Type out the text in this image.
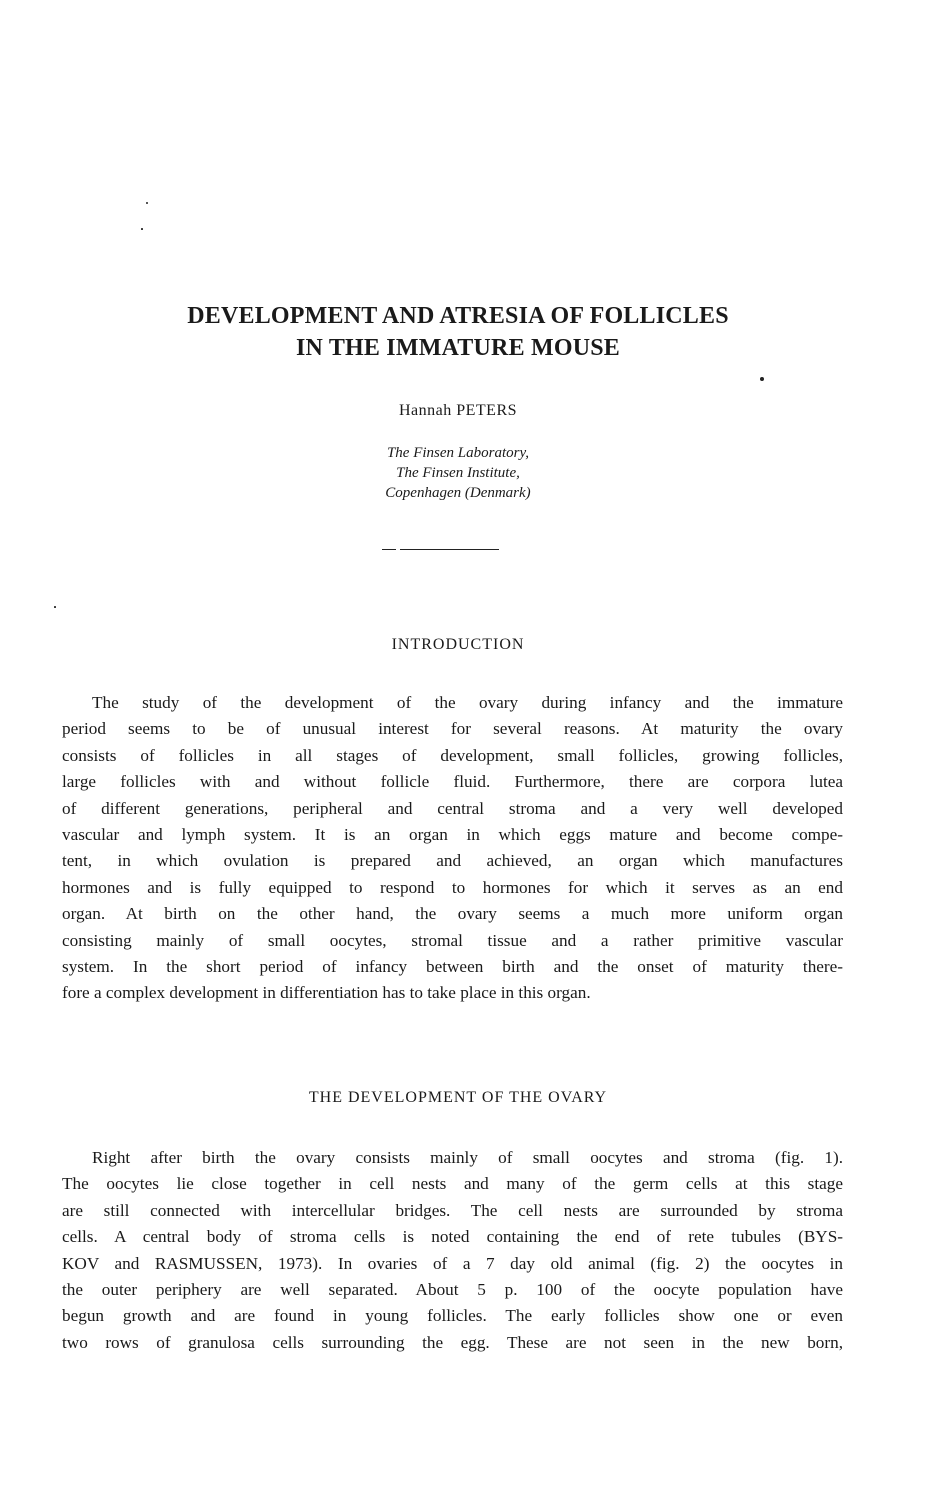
DEVELOPMENT AND ATRESIA OF FOLLICLES
IN THE IMMATURE MOUSE
Hannah PETERS
The Finsen Laboratory,
The Finsen Institute,
Copenhagen (Denmark)
INTRODUCTION
The study of the development of the ovary during infancy and the immature
period seems to be of unusual interest for several reasons. At maturity the ovary
consists of follicles in all stages of development, small follicles, growing follicles,
large follicles with and without follicle fluid. Furthermore, there are corpora lutea
of different generations, peripheral and central stroma and a very well developed
vascular and lymph system. It is an organ in which eggs mature and become compe-
tent, in which ovulation is prepared and achieved, an organ which manufactures
hormones and is fully equipped to respond to hormones for which it serves as an end
organ. At birth on the other hand, the ovary seems a much more uniform organ
consisting mainly of small oocytes, stromal tissue and a rather primitive vascular
system. In the short period of infancy between birth and the onset of maturity there-
fore a complex development in differentiation has to take place in this organ.
THE DEVELOPMENT OF THE OVARY
Right after birth the ovary consists mainly of small oocytes and stroma (fig. 1).
The oocytes lie close together in cell nests and many of the germ cells at this stage
are still connected with intercellular bridges. The cell nests are surrounded by stroma
cells. A central body of stroma cells is noted containing the end of rete tubules (BYS-
KOV and RASMUSSEN, 1973). In ovaries of a 7 day old animal (fig. 2) the oocytes in
the outer periphery are well separated. About 5 p. 100 of the oocyte population have
begun growth and are found in young follicles. The early follicles show one or even
two rows of granulosa cells surrounding the egg. These are not seen in the new born,
